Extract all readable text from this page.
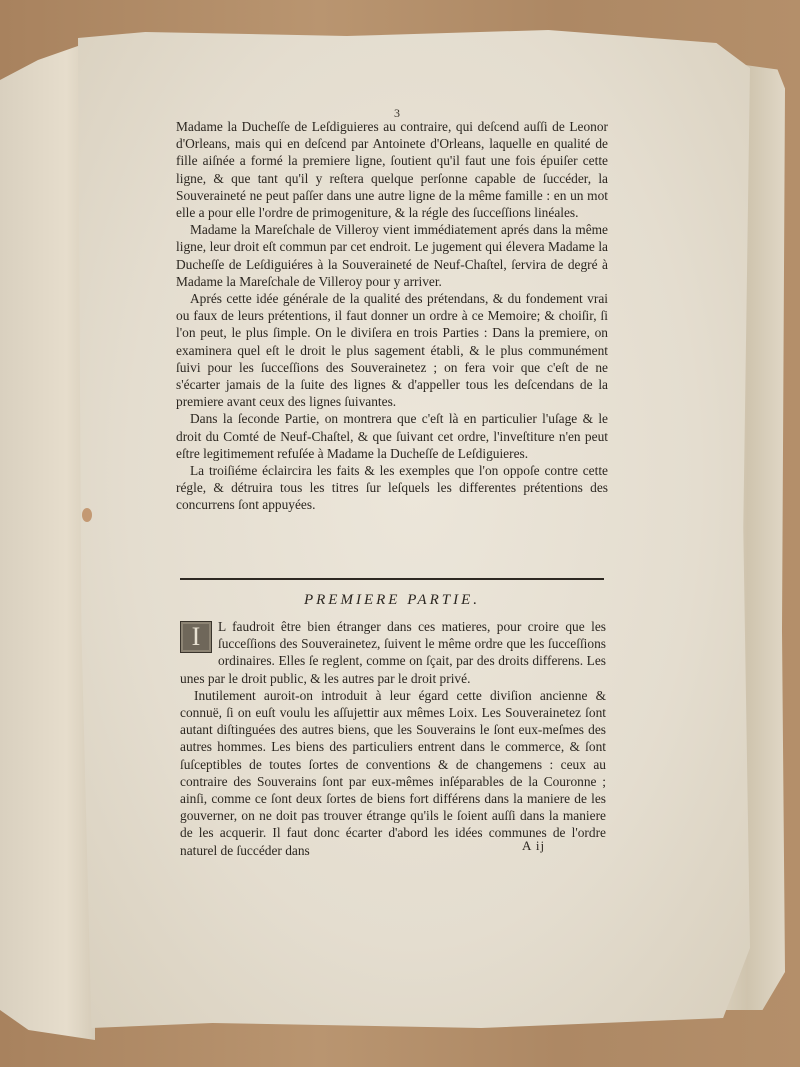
3

Madame la Ducheſſe de Leſdiguieres au contraire, qui deſcend auſſi de Leonor d'Orleans, mais qui en deſcend par Antoinete d'Orleans, laquelle en qualité de fille aiſnée a formé la premiere ligne, ſoutient qu'il faut une fois épuiſer cette ligne, & que tant qu'il y reſtera quelque perſonne capable de ſuccéder, la Souveraineté ne peut paſſer dans une autre ligne de la même famille : en un mot elle a pour elle l'ordre de primogeniture, & la régle des ſucceſſions linéales.

Madame la Mareſchale de Villeroy vient immédiatement aprés dans la même ligne, leur droit eſt commun par cet endroit. Le jugement qui élevera Madame la Ducheſſe de Leſdiguiéres à la Souveraineté de Neuf-Chaſtel, ſervira de degré à Madame la Mareſchale de Villeroy pour y arriver.

Aprés cette idée générale de la qualité des prétendans, & du fondement vrai ou faux de leurs prétentions, il faut donner un ordre à ce Memoire; & choiſir, ſi l'on peut, le plus ſimple. On le diviſera en trois Parties : Dans la premiere, on examinera quel eſt le droit le plus sagement établi, & le plus communément ſuivi pour les ſucceſſions des Souverainetez ; on fera voir que c'eſt de ne s'écarter jamais de la ſuite des lignes & d'appeller tous les deſcendans de la premiere avant ceux des lignes ſuivantes.

Dans la ſeconde Partie, on montrera que c'eſt là en particulier l'uſage & le droit du Comté de Neuf-Chaſtel, & que ſuivant cet ordre, l'inveſtiture n'en peut eſtre legitimement refuſée à Madame la Ducheſſe de Leſdiguieres.

La troiſiéme éclaircira les faits & les exemples que l'on oppoſe contre cette régle, & détruira tous les titres ſur leſquels les differentes prétentions des concurrens ſont appuyées.

PREMIERE PARTIE.

I	L faudroit être bien étranger dans ces matieres, pour croire que les ſucceſſions des Souverainetez, ſuivent le même ordre que les ſucceſſions ordinaires. Elles ſe reglent, comme on ſçait, par des droits differens. Les unes par le droit public, & les autres par le droit privé.

Inutilement auroit-on introduit à leur égard cette diviſion ancienne & connuë, ſi on euſt voulu les aſſujettir aux mêmes Loix. Les Souverainetez ſont autant diſtinguées des autres biens, que les Souverains le ſont eux-meſmes des autres hommes. Les biens des particuliers entrent dans le commerce, & ſont ſuſceptibles de toutes ſortes de conventions & de changemens : ceux au contraire des Souverains ſont par eux-mêmes inſéparables de la Couronne ; ainſi, comme ce ſont deux ſortes de biens fort différens dans la maniere de les gouverner, on ne doit pas trouver étrange qu'ils le ſoient auſſi dans la maniere de les acquerir. Il faut donc écarter d'abord les idées communes de l'ordre naturel de ſuccéder dans	A ij
